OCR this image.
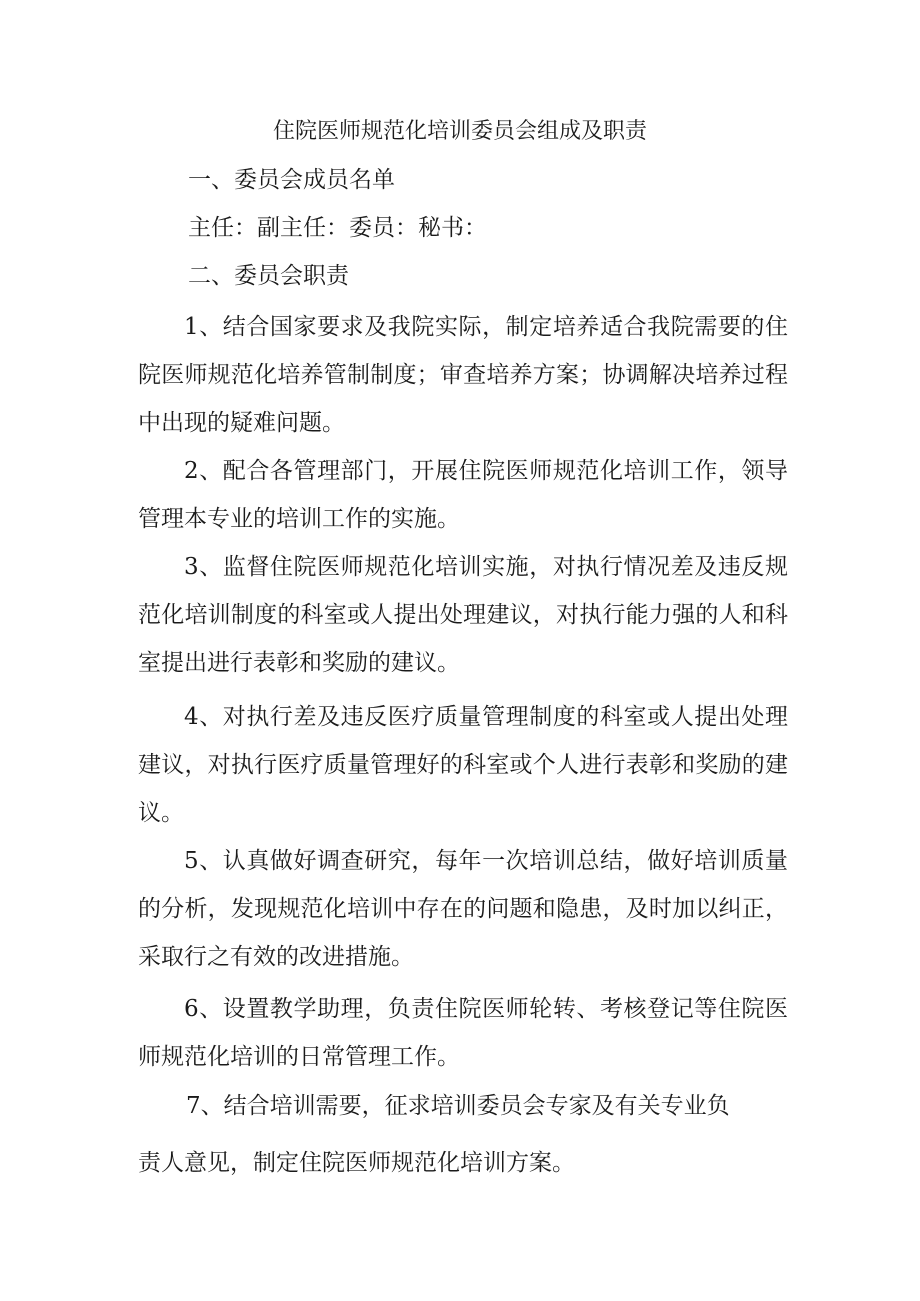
住院医师规范化培训委员会组成及职责
一、委员会成员名单
主任：副主任：委员：秘书：
二、委员会职责
1、结合国家要求及我院实际，制定培养适合我院需要的住院医师规范化培养管制制度；审查培养方案；协调解决培养过程中出现的疑难问题。
2、配合各管理部门，开展住院医师规范化培训工作，领导管理本专业的培训工作的实施。
3、监督住院医师规范化培训实施，对执行情况差及违反规范化培训制度的科室或人提出处理建议，对执行能力强的人和科室提出进行表彰和奖励的建议。
4、对执行差及违反医疗质量管理制度的科室或人提出处理建议，对执行医疗质量管理好的科室或个人进行表彰和奖励的建议。
5、认真做好调查研究，每年一次培训总结，做好培训质量的分析，发现规范化培训中存在的问题和隐患，及时加以纠正，采取行之有效的改进措施。
6、设置教学助理，负责住院医师轮转、考核登记等住院医师规范化培训的日常管理工作。
7、结合培训需要，征求培训委员会专家及有关专业负
责人意见，制定住院医师规范化培训方案。
